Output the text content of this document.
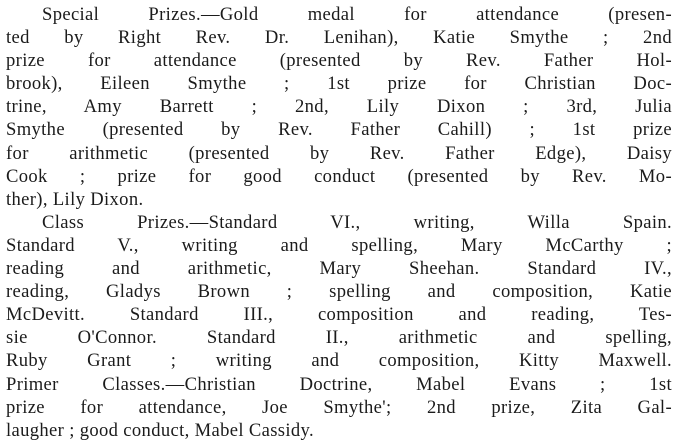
Special Prizes.—Gold medal for attendance (presen-
ted by Right Rev. Dr. Lenihan), Katie Smythe ; 2nd
prize for attendance (presented by Rev. Father Hol-
brook), Eileen Smythe ; 1st prize for Christian Doc-
trine, Amy Barrett ; 2nd, Lily Dixon ; 3rd, Julia
Smythe (presented by Rev. Father Cahill) ; 1st prize
for arithmetic (presented by Rev. Father Edge), Daisy
Cook ; prize for good conduct (presented by Rev. Mo-
ther), Lily Dixon.
Class Prizes.—Standard VI., writing, Willa Spain.
Standard V., writing and spelling, Mary McCarthy ;
reading and arithmetic, Mary Sheehan. Standard IV.,
reading, Gladys Brown ; spelling and composition, Katie
McDevitt. Standard III., composition and reading, Tes-
sie O'Connor. Standard II., arithmetic and spelling,
Ruby Grant ; writing and composition, Kitty Maxwell.
Primer Classes.—Christian Doctrine, Mabel Evans ; 1st
prize for attendance, Joe Smythe'; 2nd prize, Zita Gal-
laugher ; good conduct, Mabel Cassidy.
